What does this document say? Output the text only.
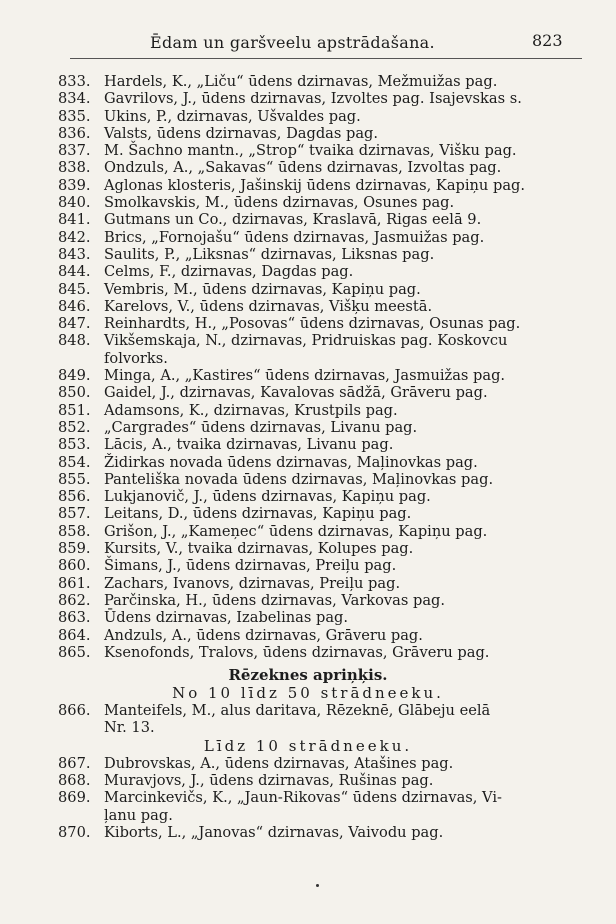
Ēdam un garšveelu apstrādašana.	823
833. Hardels, K., „Liču“ ūdens dzirnavas, Mežmuižas pag.
834. Gavrilovs, J., ūdens dzirnavas, Izvoltes pag. Isajevskas s.
835. Ukins, P., dzirnavas, Ušvaldes pag.
836. Valsts, ūdens dzirnavas, Dagdas pag.
837. M. Šachno mantn., „Strop“ tvaika dzirnavas, Višku pag.
838. Ondzuls, A., „Sakavas“ ūdens dzirnavas, Izvoltas pag.
839. Aglonas klosteris, Jašinskij ūdens dzirnavas, Kapiņu pag.
840. Smolkavskis, M., ūdens dzirnavas, Osunes pag.
841. Gutmans un Co., dzirnavas, Kraslavā, Rigas eelā 9.
842. Brics, „Fornojašu“ ūdens dzirnavas, Jasmuižas pag.
843. Saulits, P., „Liksnas“ dzirnavas, Liksnas pag.
844. Celms, F., dzirnavas, Dagdas pag.
845. Vembris, M., ūdens dzirnavas, Kapiņu pag.
846. Karelovs, V., ūdens dzirnavas, Višķu meestā.
847. Reinhardts, H., „Posovas“ ūdens dzirnavas, Osunas pag.
848. Vikšemskaja, N., dzirnavas, Pridruiskas pag. Koskovcu
folvorks.
849. Minga, A., „Kastires“ ūdens dzirnavas, Jasmuižas pag.
850. Gaidel, J., dzirnavas, Kavalovas sādžā, Grāveru pag.
851. Adamsons, K., dzirnavas, Krustpils pag.
852. „Cargrades“ ūdens dzirnavas, Livanu pag.
853. Lācis, A., tvaika dzirnavas, Livanu pag.
854. Židirkas novada ūdens dzirnavas, Maļinovkas pag.
855. Panteliška novada ūdens dzirnavas, Maļinovkas pag.
856. Lukjanovič, J., ūdens dzirnavas, Kapiņu pag.
857. Leitans, D., ūdens dzirnavas, Kapiņu pag.
858. Grišon, J., „Kameņec“ ūdens dzirnavas, Kapiņu pag.
859. Kursits, V., tvaika dzirnavas, Kolupes pag.
860. Šimans, J., ūdens dzirnavas, Preiļu pag.
861. Zachars, Ivanovs, dzirnavas, Preiļu pag.
862. Parčinska, H., ūdens dzirnavas, Varkovas pag.
863. Ūdens dzirnavas, Izabelinas pag.
864. Andzuls, A., ūdens dzirnavas, Grāveru pag.
865. Ksenofonds, Tralovs, ūdens dzirnavas, Grāveru pag.
Rēzeknes apriņķis.
No 10 līdz 50 strādneeku.
866. Manteifels, M., alus daritava, Rēzeknē, Glābeju eelā
Nr. 13.
Līdz 10 strādneeku.
867. Dubrovskas, A., ūdens dzirnavas, Atašines pag.
868. Muravjovs, J., ūdens dzirnavas, Rušinas pag.
869. Marcinkevičs, K., „Jaun-Rikovas“ ūdens dzirnavas, Vi-
ļanu pag.
870. Kiborts, L., „Janovas“ dzirnavas, Vaivodu pag.
